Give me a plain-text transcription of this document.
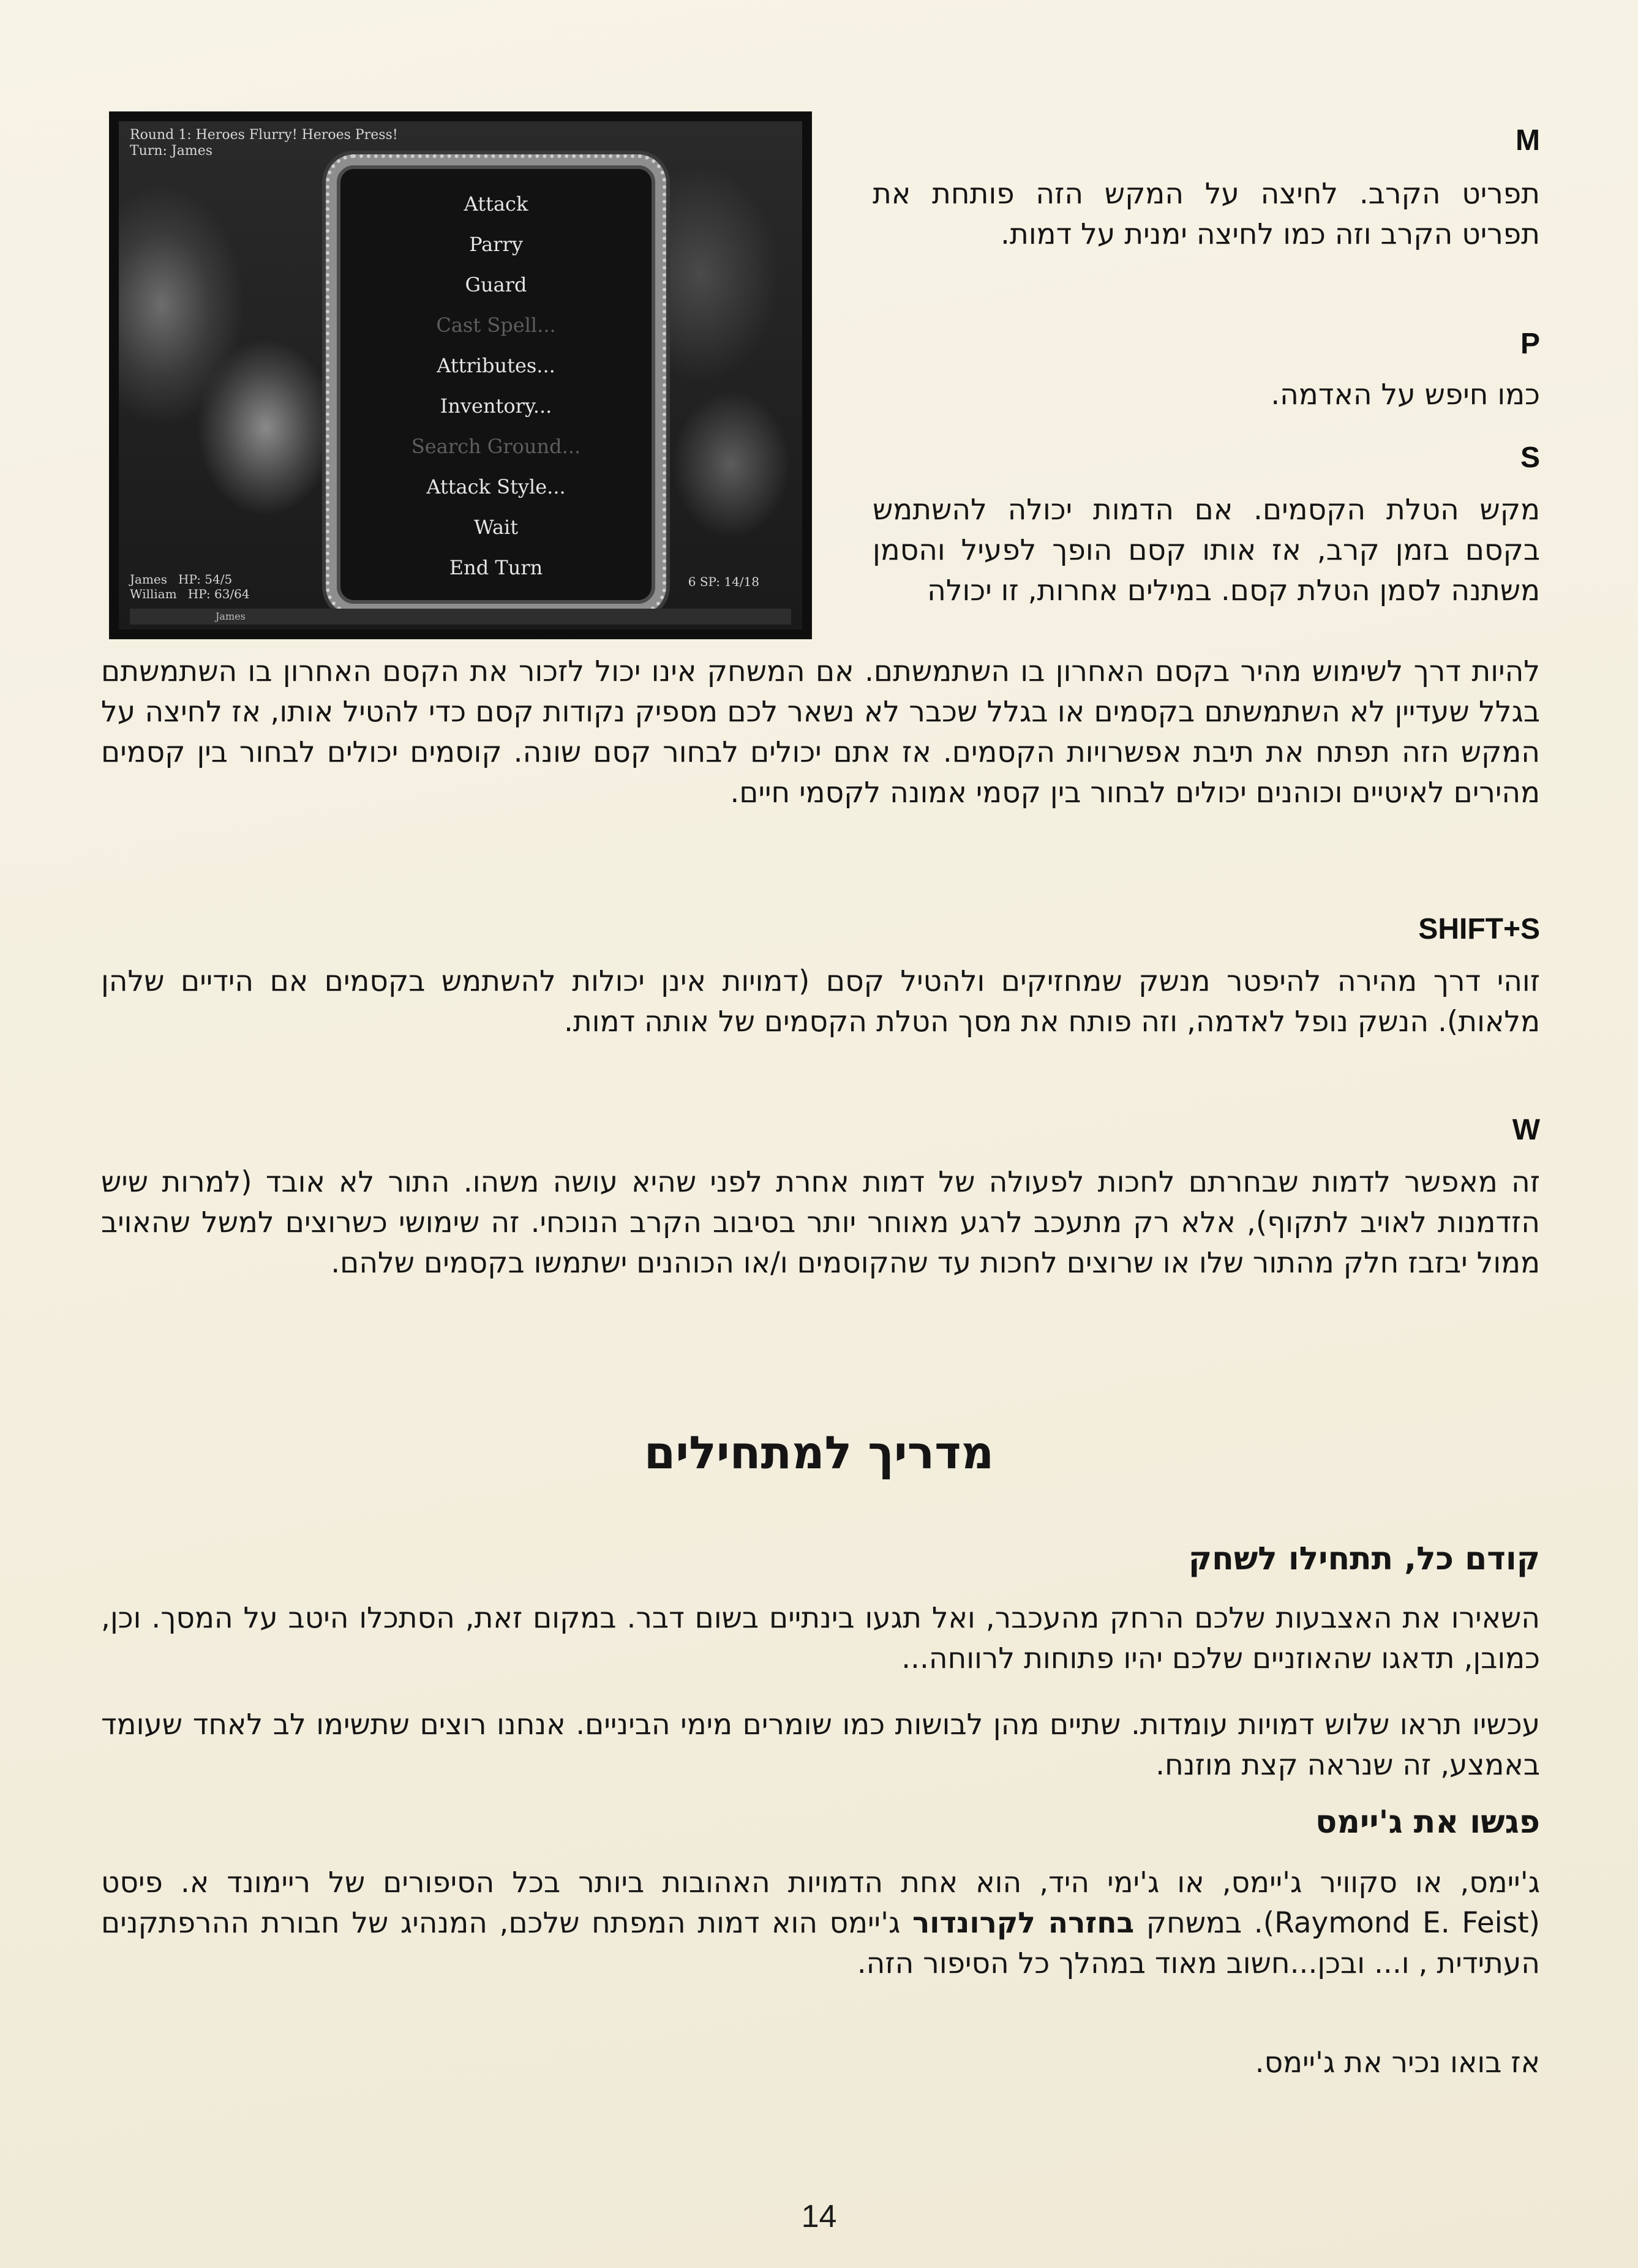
Round 1: Heroes Flurry! Heroes Press!
Turn: James
Attack
Parry
Guard
Cast Spell...
Attributes...
Inventory...
Search Ground...
Attack Style...
Wait
End Turn
James HP: 54/5
William HP: 63/64
6 SP: 14/18
James
M

תפריט הקרב. לחיצה על המקש הזה פותחת את תפריט הקרב וזה כמו לחיצה ימנית על דמות.

P

כמו חיפש על האדמה.

S

מקש הטלת הקסמים. אם הדמות יכולה להשתמש בקסם בזמן קרב, אז אותו קסם הופך לפעיל והסמן משתנה לסמן הטלת קסם. במילים אחרות, זו יכולה

להיות דרך לשימוש מהיר בקסם האחרון בו השתמשתם. אם המשחק אינו יכול לזכור את הקסם האחרון בו השתמשתם בגלל שעדיין לא השתמשתם בקסמים או בגלל שכבר לא נשאר לכם מספיק נקודות קסם כדי להטיל אותו, אז לחיצה על המקש הזה תפתח את תיבת אפשרויות הקסמים. אז אתם יכולים לבחור קסם שונה. קוסמים יכולים לבחור בין קסמים מהירים לאיטיים וכוהנים יכולים לבחור בין קסמי אמונה לקסמי חיים.

SHIFT+S

זוהי דרך מהירה להיפטר מנשק שמחזיקים ולהטיל קסם (דמויות אינן יכולות להשתמש בקסמים אם הידיים שלהן מלאות). הנשק נופל לאדמה, וזה פותח את מסך הטלת הקסמים של אותה דמות.

W

זה מאפשר לדמות שבחרתם לחכות לפעולה של דמות אחרת לפני שהיא עושה משהו. התור לא אובד (למרות שיש הזדמנות לאויב לתקוף), אלא רק מתעכב לרגע מאוחר יותר בסיבוב הקרב הנוכחי. זה שימושי כשרוצים למשל שהאויב ממול יבזבז חלק מהתור שלו או שרוצים לחכות עד שהקוסמים ו/או הכוהנים ישתמשו בקסמים שלהם.

מדריך למתחילים
קודם כל, תתחילו לשחק

השאירו את האצבעות שלכם הרחק מהעכבר, ואל תגעו בינתיים בשום דבר. במקום זאת, הסתכלו היטב על המסך. וכן, כמובן, תדאגו שהאוזניים שלכם יהיו פתוחות לרווחה...

עכשיו תראו שלוש דמויות עומדות. שתיים מהן לבושות כמו שומרים מימי הביניים. אנחנו רוצים שתשימו לב לאחד שעומד באמצע, זה שנראה קצת מוזנח.

פגשו את ג'יימס

ג'יימס, או סקוויר ג'יימס, או ג'ימי היד, הוא אחת הדמויות האהובות ביותר בכל הסיפורים של ריימונד א. פיסט (Raymond E. Feist). במשחק בחזרה לקרונדור ג'יימס הוא דמות המפתח שלכם, המנהיג של חבורת ההרפתקנים העתידית , ו... ובכן...חשוב מאוד במהלך כל הסיפור הזה.

אז בואו נכיר את ג'יימס.

14
